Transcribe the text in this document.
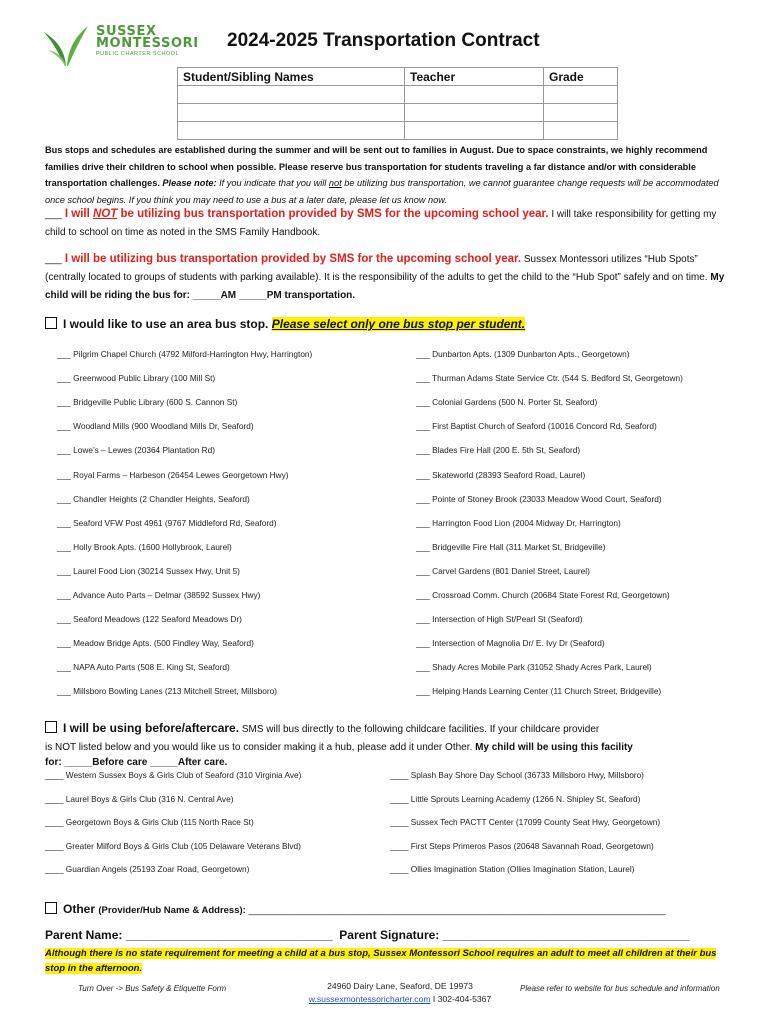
SUSSEX
MONTESSORI
PUBLIC CHARTER SCHOOL
2024-2025 Transportation Contract
Student/Sibling Names	Teacher	Grade

Bus stops and schedules are established during the summer and will be sent out to families in August. Due to space constraints, we highly recommend families drive their children to school when possible. Please reserve bus transportation for students traveling a far distance and/or with considerable transportation challenges. Please note: If you indicate that you will not be utilizing bus transportation, we cannot guarantee change requests will be accommodated once school begins. If you think you may need to use a bus at a later date, please let us know now.
___ I will NOT be utilizing bus transportation provided by SMS for the upcoming school year. I will take responsibility for getting my child to school on time as noted in the SMS Family Handbook.
___ I will be utilizing bus transportation provided by SMS for the upcoming school year. Sussex Montessori utilizes “Hub Spots” (centrally located to groups of students with parking available). It is the responsibility of the adults to get the child to the “Hub Spot” safely and on time. My child will be riding the bus for: _____AM _____PM transportation.
I would like to use an area bus stop. Please select only one bus stop per student.
___ Pilgrim Chapel Church (4792 Milford-Harrington Hwy, Harrington)
___ Greenwood Public Library (100 Mill St)
___ Bridgeville Public Library (600 S. Cannon St)
___ Woodland Mills (900 Woodland Mills Dr, Seaford)
___ Lowe’s – Lewes (20364 Plantation Rd)
___ Royal Farms – Harbeson (26454 Lewes Georgetown Hwy)
___ Chandler Heights (2 Chandler Heights, Seaford)
___ Seaford VFW Post 4961 (9767 Middleford Rd, Seaford)
___ Holly Brook Apts. (1600 Hollybrook, Laurel)
___ Laurel Food Lion (30214 Sussex Hwy, Unit 5)
___ Advance Auto Parts – Delmar (38592 Sussex Hwy)
___ Seaford Meadows (122 Seaford Meadows Dr)
___ Meadow Bridge Apts. (500 Findley Way, Seaford)
___ NAPA Auto Parts (508 E. King St, Seaford)
___ Millsboro Bowling Lanes (213 Mitchell Street, Millsboro)
___ Dunbarton Apts. (1309 Dunbarton Apts., Georgetown)
___ Thurman Adams State Service Ctr. (544 S. Bedford St, Georgetown)
___ Colonial Gardens (500 N. Porter St, Seaford)
___ First Baptist Church of Seaford (10016 Concord Rd, Seaford)
___ Blades Fire Hall (200 E. 5th St, Seaford)
___ Skateworld (28393 Seaford Road, Laurel)
___ Pointe of Stoney Brook (23033 Meadow Wood Court, Seaford)
___ Harrington Food Lion (2004 Midway Dr, Harrington)
___ Bridgeville Fire Hall (311 Market St, Bridgeville)
___ Carvel Gardens (801 Daniel Street, Laurel)
___ Crossroad Comm. Church (20684 State Forest Rd, Georgetown)
___ Intersection of High St/Pearl St (Seaford)
___ Intersection of Magnolia Dr/ E. Ivy Dr (Seaford)
___ Shady Acres Mobile Park (31052 Shady Acres Park, Laurel)
___ Helping Hands Learning Center (11 Church Street, Bridgeville)
I will be using before/aftercare. SMS will bus directly to the following childcare facilities. If your childcare provider
is NOT listed below and you would like us to consider making it a hub, please add it under Other. My child will be using this facility
for: _____Before care _____After care.
____ Western Sussex Boys & Girls Club of Seaford (310 Virginia Ave)
____ Laurel Boys & Girls Club (316 N. Central Ave)
____ Georgetown Boys & Girls Club (115 North Race St)
____ Greater Milford Boys & Girls Club (105 Delaware Veterans Blvd)
____ Guardian Angels (25193 Zoar Road, Georgetown)
____ Splash Bay Shore Day School (36733 Millsboro Hwy, Millsboro)
____ Little Sprouts Learning Academy (1266 N. Shipley St, Seaford)
____ Sussex Tech PACTT Center (17099 County Seat Hwy, Georgetown)
____ First Steps Primeros Pasos (20648 Savannah Road, Georgetown)
____ Ollies Imagination Station (Ollies Imagination Station, Laurel)
Other (Provider/Hub Name & Address): _______________________________________________________________________________
Parent Name: _______________________________ Parent Signature: _____________________________________
Although there is no state requirement for meeting a child at a bus stop, Sussex Montessori School requires an adult to meet all children at their bus stop in the afternoon.
Turn Over -> Bus Safety & Etiquette Form	24960 Dairy Lane, Seaford, DE 19973
w.sussexmontessoricharter.com I 302-404-5367
Please refer to website for bus schedule and information
